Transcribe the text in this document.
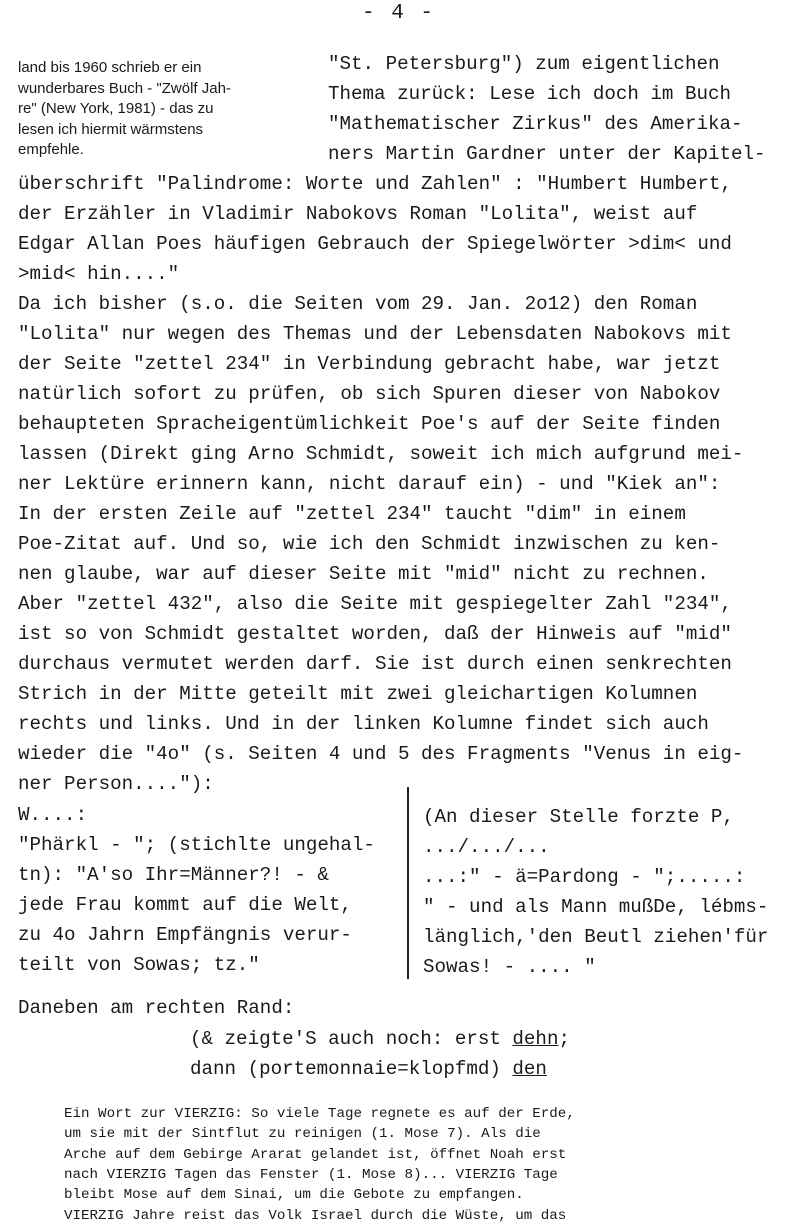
- 4 -
land bis 1960 schrieb er ein
wunderbares Buch - "Zwölf Jah-
re" (New York, 1981) - das zu
lesen ich hiermit wärmstens
empfehle.

"St. Petersburg") zum eigentlichen

Thema zurück: Lese ich doch im Buch

"Mathematischer Zirkus" des Amerika-

ners Martin Gardner unter der Kapitel-

überschrift "Palindrome: Worte und Zahlen" : "Humbert Humbert,

der Erzähler in Vladimir Nabokovs Roman "Lolita", weist auf

Edgar Allan Poes häufigen Gebrauch der Spiegelwörter >dim< und

>mid< hin...."

Da ich bisher (s.o. die Seiten vom 29. Jan. 2o12) den Roman

"Lolita" nur wegen des Themas und der Lebensdaten Nabokovs mit

der Seite "zettel 234" in Verbindung gebracht habe, war jetzt

natürlich sofort zu prüfen, ob sich Spuren dieser von Nabokov

behaupteten Spracheigentümlichkeit Poe's auf der Seite finden

lassen (Direkt ging Arno Schmidt, soweit ich mich aufgrund mei-

ner Lektüre erinnern kann, nicht darauf ein) - und "Kiek an":

In der ersten Zeile auf "zettel 234" taucht "dim" in einem

Poe-Zitat auf. Und so, wie ich den Schmidt inzwischen zu ken-

nen glaube, war auf dieser Seite mit "mid" nicht zu rechnen.

Aber "zettel 432", also die Seite mit gespiegelter Zahl "234",

ist so von Schmidt gestaltet worden, daß der Hinweis auf "mid"

durchaus vermutet werden darf. Sie ist durch einen senkrechten

Strich in der Mitte geteilt mit zwei gleichartigen Kolumnen

rechts und links. Und in der linken Kolumne findet sich auch

wieder die "4o" (s. Seiten 4 und 5 des Fragments "Venus in eig-

ner Person...."):

W....:

"Phärkl - "; (stichlte ungehal-

tn): "A'so Ihr=Männer?! - &

jede Frau kommt auf die Welt,

zu 4o Jahrn Empfängnis verur-

teilt von Sowas; tz."

(An dieser Stelle forzte P,

.../.../...

...:" - ä=Pardong - ";.....:

" - und als Mann mußDe, lébms-

länglich,'den Beutl ziehen'für

Sowas! - .... "

Daneben am rechten Rand:

(& zeigte'S auch noch: erst dehn;

dann (portemonnaie=klopfmd) den

Ein Wort zur VIERZIG: So viele Tage regnete es auf der Erde,

um sie mit der Sintflut zu reinigen (1. Mose 7). Als die

Arche auf dem Gebirge Ararat gelandet ist, öffnet Noah erst

nach VIERZIG Tagen das Fenster (1. Mose 8)... VIERZIG Tage

bleibt Mose auf dem Sinai, um die Gebote zu empfangen.

VIERZIG Jahre reist das Volk Israel durch die Wüste, um das
